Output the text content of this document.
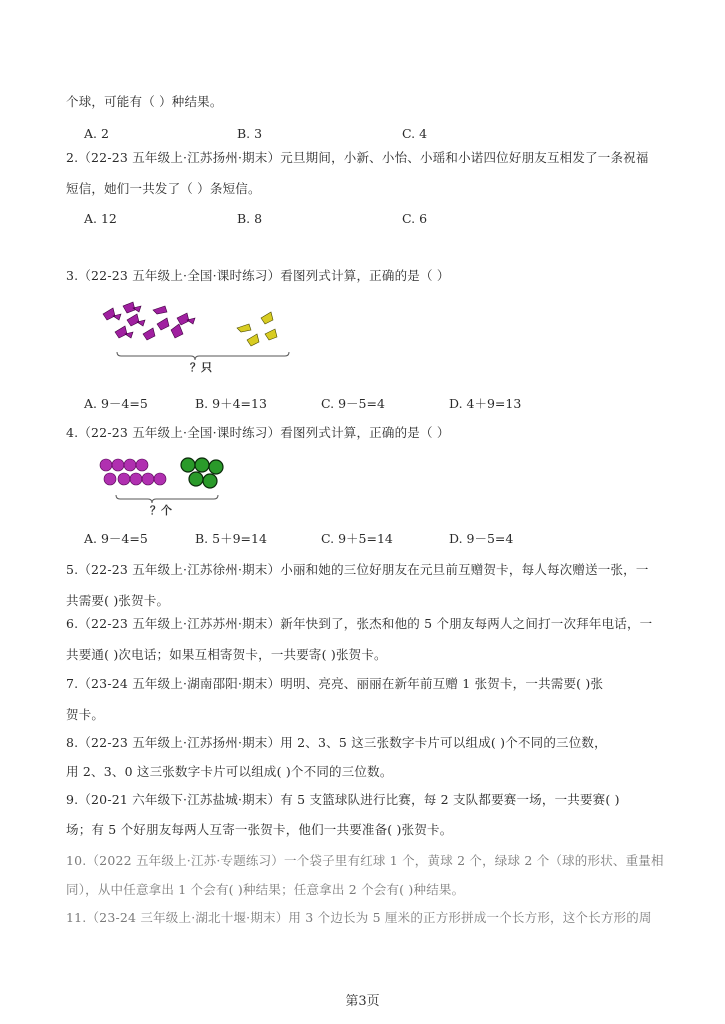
个球，可能有（ ）种结果。
A. 2	B. 3	C. 4
2.（22-23 五年级上·江苏扬州·期末）元旦期间，小新、小怡、小瑶和小诺四位好朋友互相发了一条祝福
短信，她们一共发了（ ）条短信。
A. 12	B. 8	C. 6
3.（22-23 五年级上·全国·课时练习）看图列式计算，正确的是（ ）
？只
A. 9－4=5	B. 9＋4=13	C. 9－5=4	D. 4＋9=13
4.（22-23 五年级上·全国·课时练习）看图列式计算，正确的是（ ）
？个
A. 9－4=5	B. 5＋9=14	C. 9＋5=14	D. 9－5=4
5.（22-23 五年级上·江苏徐州·期末）小丽和她的三位好朋友在元旦前互赠贺卡，每人每次赠送一张，一
共需要( )张贺卡。
6.（22-23 五年级上·江苏苏州·期末）新年快到了，张杰和他的 5 个朋友每两人之间打一次拜年电话，一
共要通( )次电话；如果互相寄贺卡，一共要寄( )张贺卡。
7.（23-24 五年级上·湖南邵阳·期末）明明、亮亮、丽丽在新年前互赠 1 张贺卡，一共需要( )张
贺卡。
8.（22-23 五年级上·江苏扬州·期末）用 2、3、5 这三张数字卡片可以组成( )个不同的三位数，
用 2、3、0 这三张数字卡片可以组成( )个不同的三位数。
9.（20-21 六年级下·江苏盐城·期末）有 5 支篮球队进行比赛，每 2 支队都要赛一场，一共要赛( )
场；有 5 个好朋友每两人互寄一张贺卡，他们一共要准备( )张贺卡。
10.（2022 五年级上·江苏·专题练习）一个袋子里有红球 1 个，黄球 2 个，绿球 2 个（球的形状、重量相
同），从中任意拿出 1 个会有( )种结果；任意拿出 2 个会有( )种结果。
11.（23-24 三年级上·湖北十堰·期末）用 3 个边长为 5 厘米的正方形拼成一个长方形，这个长方形的周
第3页
